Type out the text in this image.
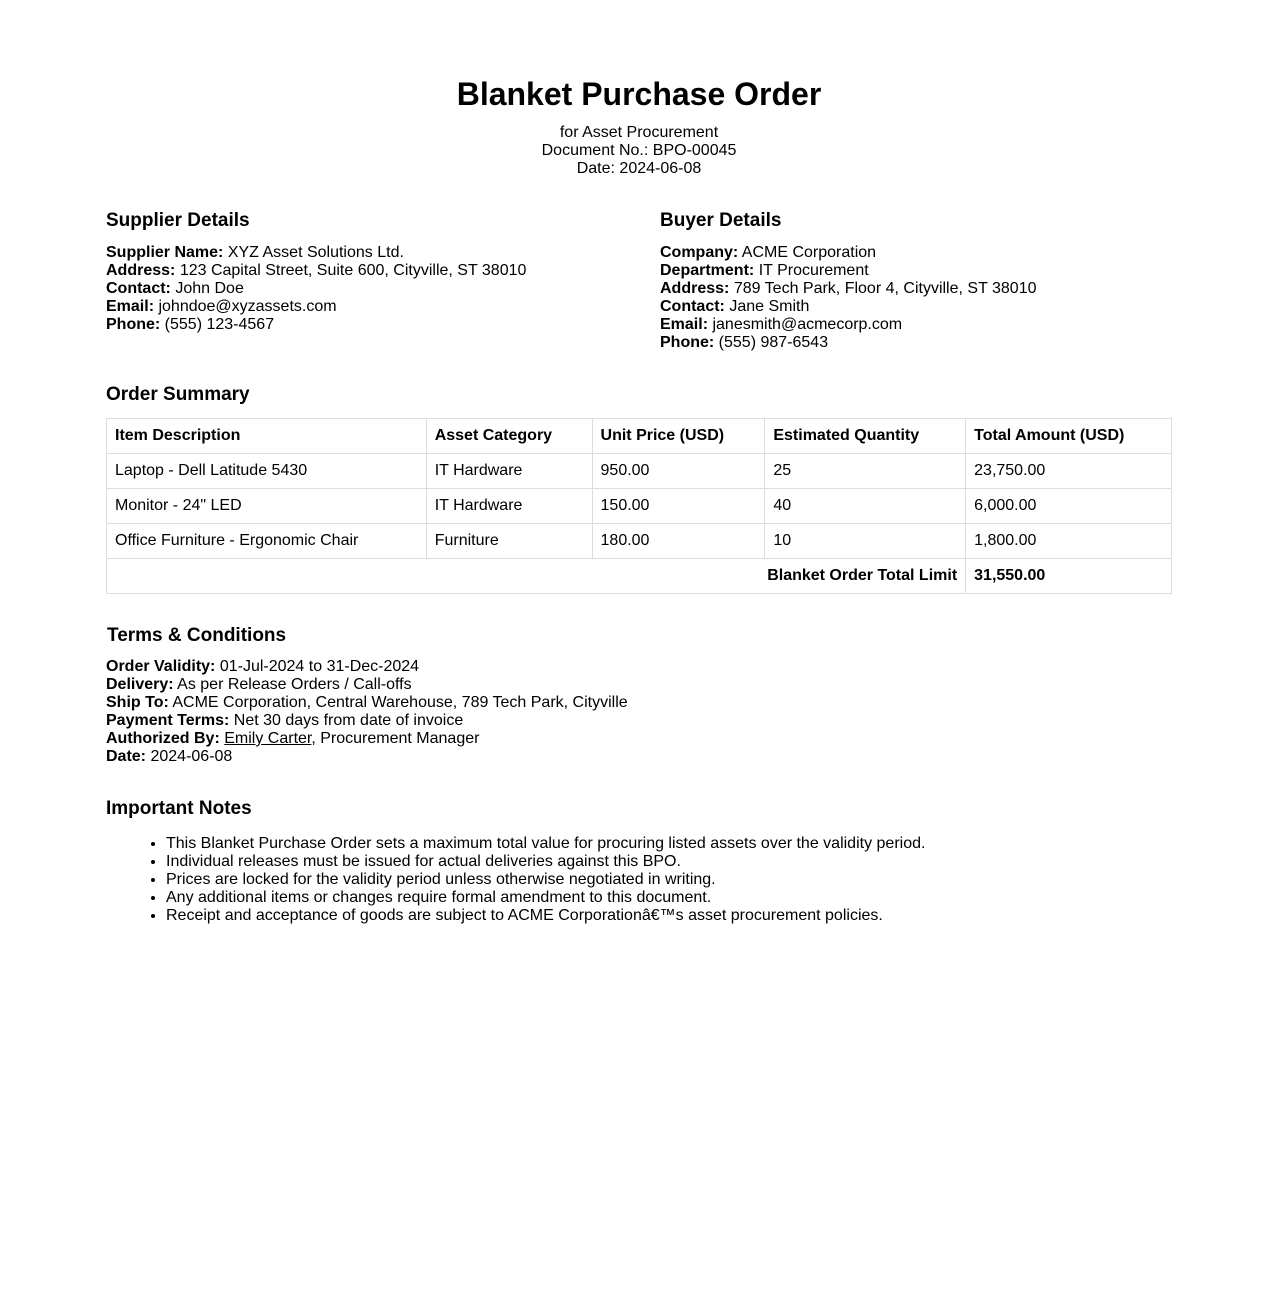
Blanket Purchase Order
for Asset Procurement
Document No.: BPO-00045
Date: 2024-06-08
Supplier Details
Supplier Name: XYZ Asset Solutions Ltd.
Address: 123 Capital Street, Suite 600, Cityville, ST 38010
Contact: John Doe
Email: johndoe@xyzassets.com
Phone: (555) 123-4567
Buyer Details
Company: ACME Corporation
Department: IT Procurement
Address: 789 Tech Park, Floor 4, Cityville, ST 38010
Contact: Jane Smith
Email: janesmith@acmecorp.com
Phone: (555) 987-6543
Order Summary
Item Description	Asset Category	Unit Price (USD)	Estimated Quantity	Total Amount (USD)
Laptop - Dell Latitude 5430	IT Hardware	950.00	25	23,750.00
Monitor - 24" LED	IT Hardware	150.00	40	6,000.00
Office Furniture - Ergonomic Chair	Furniture	180.00	10	1,800.00
Blanket Order Total Limit				31,550.00
Terms & Conditions
Order Validity: 01-Jul-2024 to 31-Dec-2024
Delivery: As per Release Orders / Call-offs
Ship To: ACME Corporation, Central Warehouse, 789 Tech Park, Cityville
Payment Terms: Net 30 days from date of invoice
Authorized By: Emily Carter, Procurement Manager
Date: 2024-06-08
Important Notes
• This Blanket Purchase Order sets a maximum total value for procuring listed assets over the validity period.
• Individual releases must be issued for actual deliveries against this BPO.
• Prices are locked for the validity period unless otherwise negotiated in writing.
• Any additional items or changes require formal amendment to this document.
• Receipt and acceptance of goods are subject to ACME Corporationâ€™s asset procurement policies.
